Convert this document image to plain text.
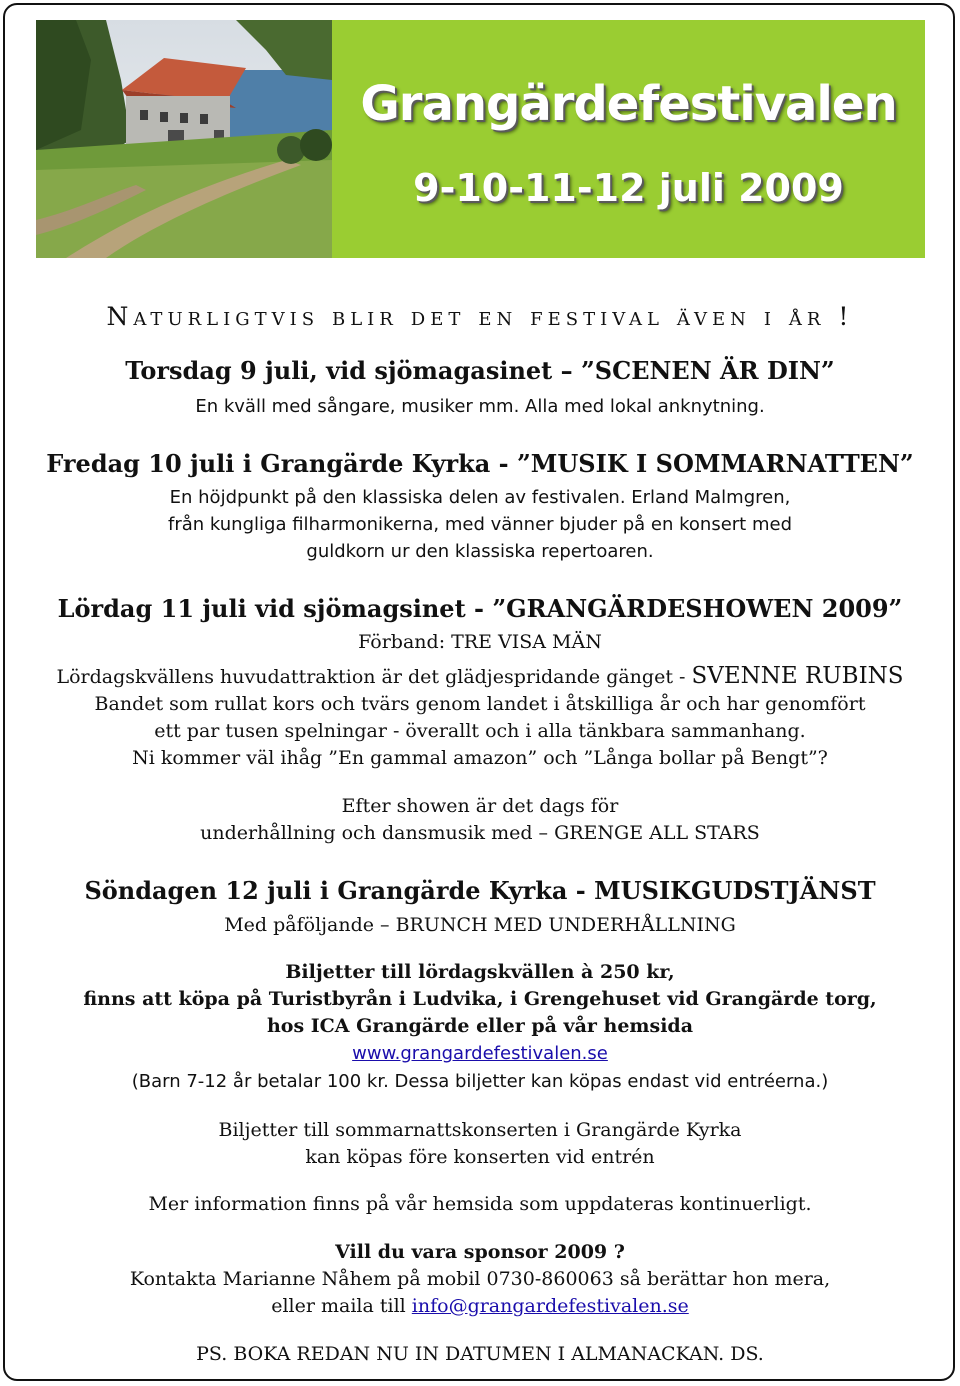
Grangärdefestivalen
9-10-11-12 juli 2009
Naturligtvis blir det en festival även i år !
Torsdag 9 juli, vid sjömagasinet – ”SCENEN ÄR DIN”
En kväll med sångare, musiker mm. Alla med lokal anknytning.
Fredag 10 juli i Grangärde Kyrka - ”MUSIK I SOMMARNATTEN”
En höjdpunkt på den klassiska delen av festivalen. Erland Malmgren,
från kungliga filharmonikerna, med vänner bjuder på en konsert med
guldkorn ur den klassiska repertoaren.
Lördag 11 juli vid sjömagsinet - ”GRANGÄRDESHOWEN 2009”
Förband: TRE VISA MÄN
Lördagskvällens huvudattraktion är det glädjespridande gänget - SVENNE RUBINS
Bandet som rullat kors och tvärs genom landet i åtskilliga år och har genomfört
ett par tusen spelningar - överallt och i alla tänkbara sammanhang.
Ni kommer väl ihåg ”En gammal amazon” och ”Långa bollar på Bengt”?
Efter showen är det dags för
underhållning och dansmusik med – GRENGE ALL STARS
Söndagen 12 juli i Grangärde Kyrka - MUSIKGUDSTJÄNST
Med påföljande – BRUNCH MED UNDERHÅLLNING
Biljetter till lördagskvällen à 250 kr,
finns att köpa på Turistbyrån i Ludvika, i Grengehuset vid Grangärde torg,
hos ICA Grangärde eller på vår hemsida
www.grangardefestivalen.se
(Barn 7-12 år betalar 100 kr. Dessa biljetter kan köpas endast vid entréerna.)
Biljetter till sommarnattskonserten i Grangärde Kyrka
kan köpas före konserten vid entrén
Mer information finns på vår hemsida som uppdateras kontinuerligt.
Vill du vara sponsor 2009 ?
Kontakta Marianne Nåhem på mobil 0730-860063 så berättar hon mera,
eller maila till info@grangardefestivalen.se
PS. BOKA REDAN NU IN DATUMEN I ALMANACKAN. DS.
